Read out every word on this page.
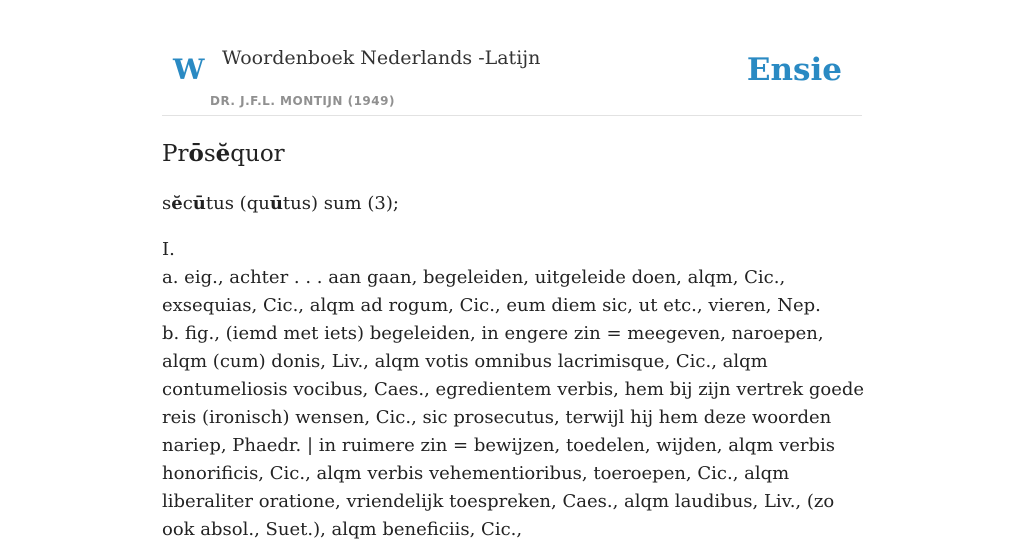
W Woordenboek Nederlands -Latijn
DR. J.F.L. MONTIJN (1949)
Ensie
Prōsĕquor
sĕcūtus (quūtus) sum (3);
I.

a. eig., achter . . . aan gaan, begeleiden, uitgeleide doen, alqm, Cic., exsequias, Cic., alqm ad rogum, Cic., eum diem sic, ut etc., vieren, Nep.

b. fig., (iemd met iets) begeleiden, in engere zin = meegeven, naroepen, alqm (cum) donis, Liv., alqm votis omnibus lacrimisque, Cic., alqm contumeliosis vocibus, Caes., egredientem verbis, hem bij zijn vertrek goede reis (ironisch) wensen, Cic., sic prosecutus, terwijl hij hem deze woorden nariep, Phaedr. | in ruimere zin = bewijzen, toedelen, wijden, alqm verbis honorificis, Cic., alqm verbis vehementioribus, toeroepen, Cic., alqm liberaliter oratione, vriendelijk toespreken, Caes., alqm laudibus, Liv., (zo ook absol., Suet.), alqm beneficiis, Cic.,
